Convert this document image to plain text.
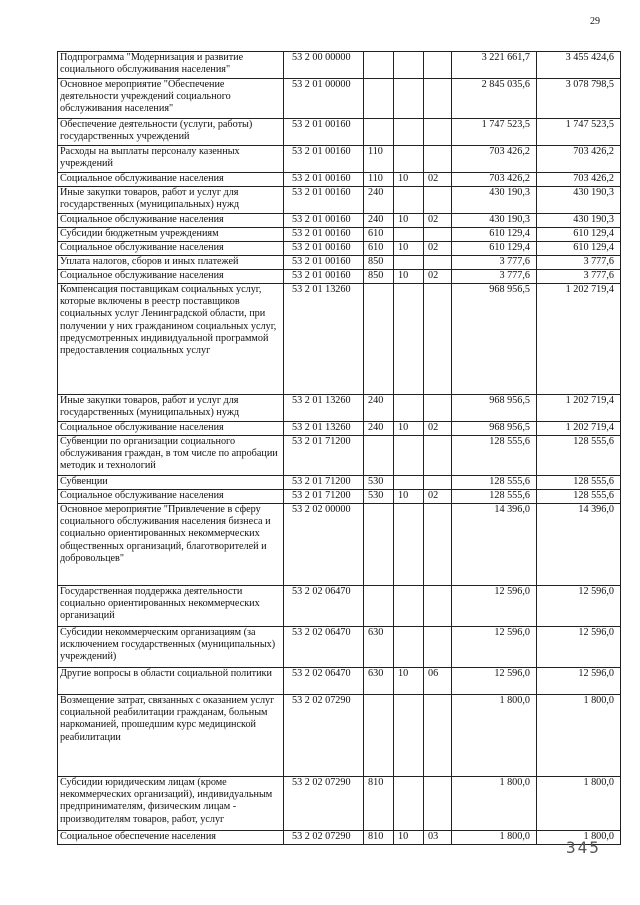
29
Подпрограмма "Модернизация и развитие социального обслуживания населения"	53 2 00 00000				3 221 661,7	3 455 424,6
Основное мероприятие "Обеспечение деятельности учреждений социального обслуживания населения"	53 2 01 00000				2 845 035,6	3 078 798,5
Обеспечение деятельности (услуги, работы) государственных учреждений	53 2 01 00160				1 747 523,5	1 747 523,5
Расходы на выплаты персоналу казенных учреждений	53 2 01 00160	110			703 426,2	703 426,2
Социальное обслуживание населения	53 2 01 00160	110	10	02	703 426,2	703 426,2
Иные закупки товаров, работ и услуг для государственных (муниципальных) нужд	53 2 01 00160	240			430 190,3	430 190,3
Социальное обслуживание населения	53 2 01 00160	240	10	02	430 190,3	430 190,3
Субсидии бюджетным учреждениям	53 2 01 00160	610			610 129,4	610 129,4
Социальное обслуживание населения	53 2 01 00160	610	10	02	610 129,4	610 129,4
Уплата налогов, сборов и иных платежей	53 2 01 00160	850			3 777,6	3 777,6
Социальное обслуживание населения	53 2 01 00160	850	10	02	3 777,6	3 777,6
Компенсация поставщикам социальных услуг, которые включены в реестр поставщиков социальных услуг Ленинградской области, при получении у них гражданином социальных услуг, предусмотренных индивидуальной программой предоставления социальных услуг	53 2 01 13260				968 956,5	1 202 719,4
Иные закупки товаров, работ и услуг для государственных (муниципальных) нужд	53 2 01 13260	240			968 956,5	1 202 719,4
Социальное обслуживание населения	53 2 01 13260	240	10	02	968 956,5	1 202 719,4
Субвенции по организации социального обслуживания граждан, в том числе по апробации методик и технологий	53 2 01 71200				128 555,6	128 555,6
Субвенции	53 2 01 71200	530			128 555,6	128 555,6
Социальное обслуживание населения	53 2 01 71200	530	10	02	128 555,6	128 555,6
Основное мероприятие "Привлечение в сферу социального обслуживания населения бизнеса и социально ориентированных некоммерческих общественных организаций, благотворителей и добровольцев"	53 2 02 00000				14 396,0	14 396,0
Государственная поддержка деятельности социально ориентированных некоммерческих организаций	53 2 02 06470				12 596,0	12 596,0
Субсидии некоммерческим организациям (за исключением государственных (муниципальных) учреждений)	53 2 02 06470	630			12 596,0	12 596,0
Другие вопросы в области социальной политики	53 2 02 06470	630	10	06	12 596,0	12 596,0
Возмещение затрат, связанных с оказанием услуг социальной реабилитации гражданам, больным наркоманией, прошедшим курс медицинской реабилитации	53 2 02 07290				1 800,0	1 800,0
Субсидии юридическим лицам (кроме некоммерческих организаций), индивидуальным предпринимателям, физическим лицам - производителям товаров, работ, услуг	53 2 02 07290	810			1 800,0	1 800,0
Социальное обеспечение населения	53 2 02 07290	810	10	03	1 800,0	1 800,0
345
